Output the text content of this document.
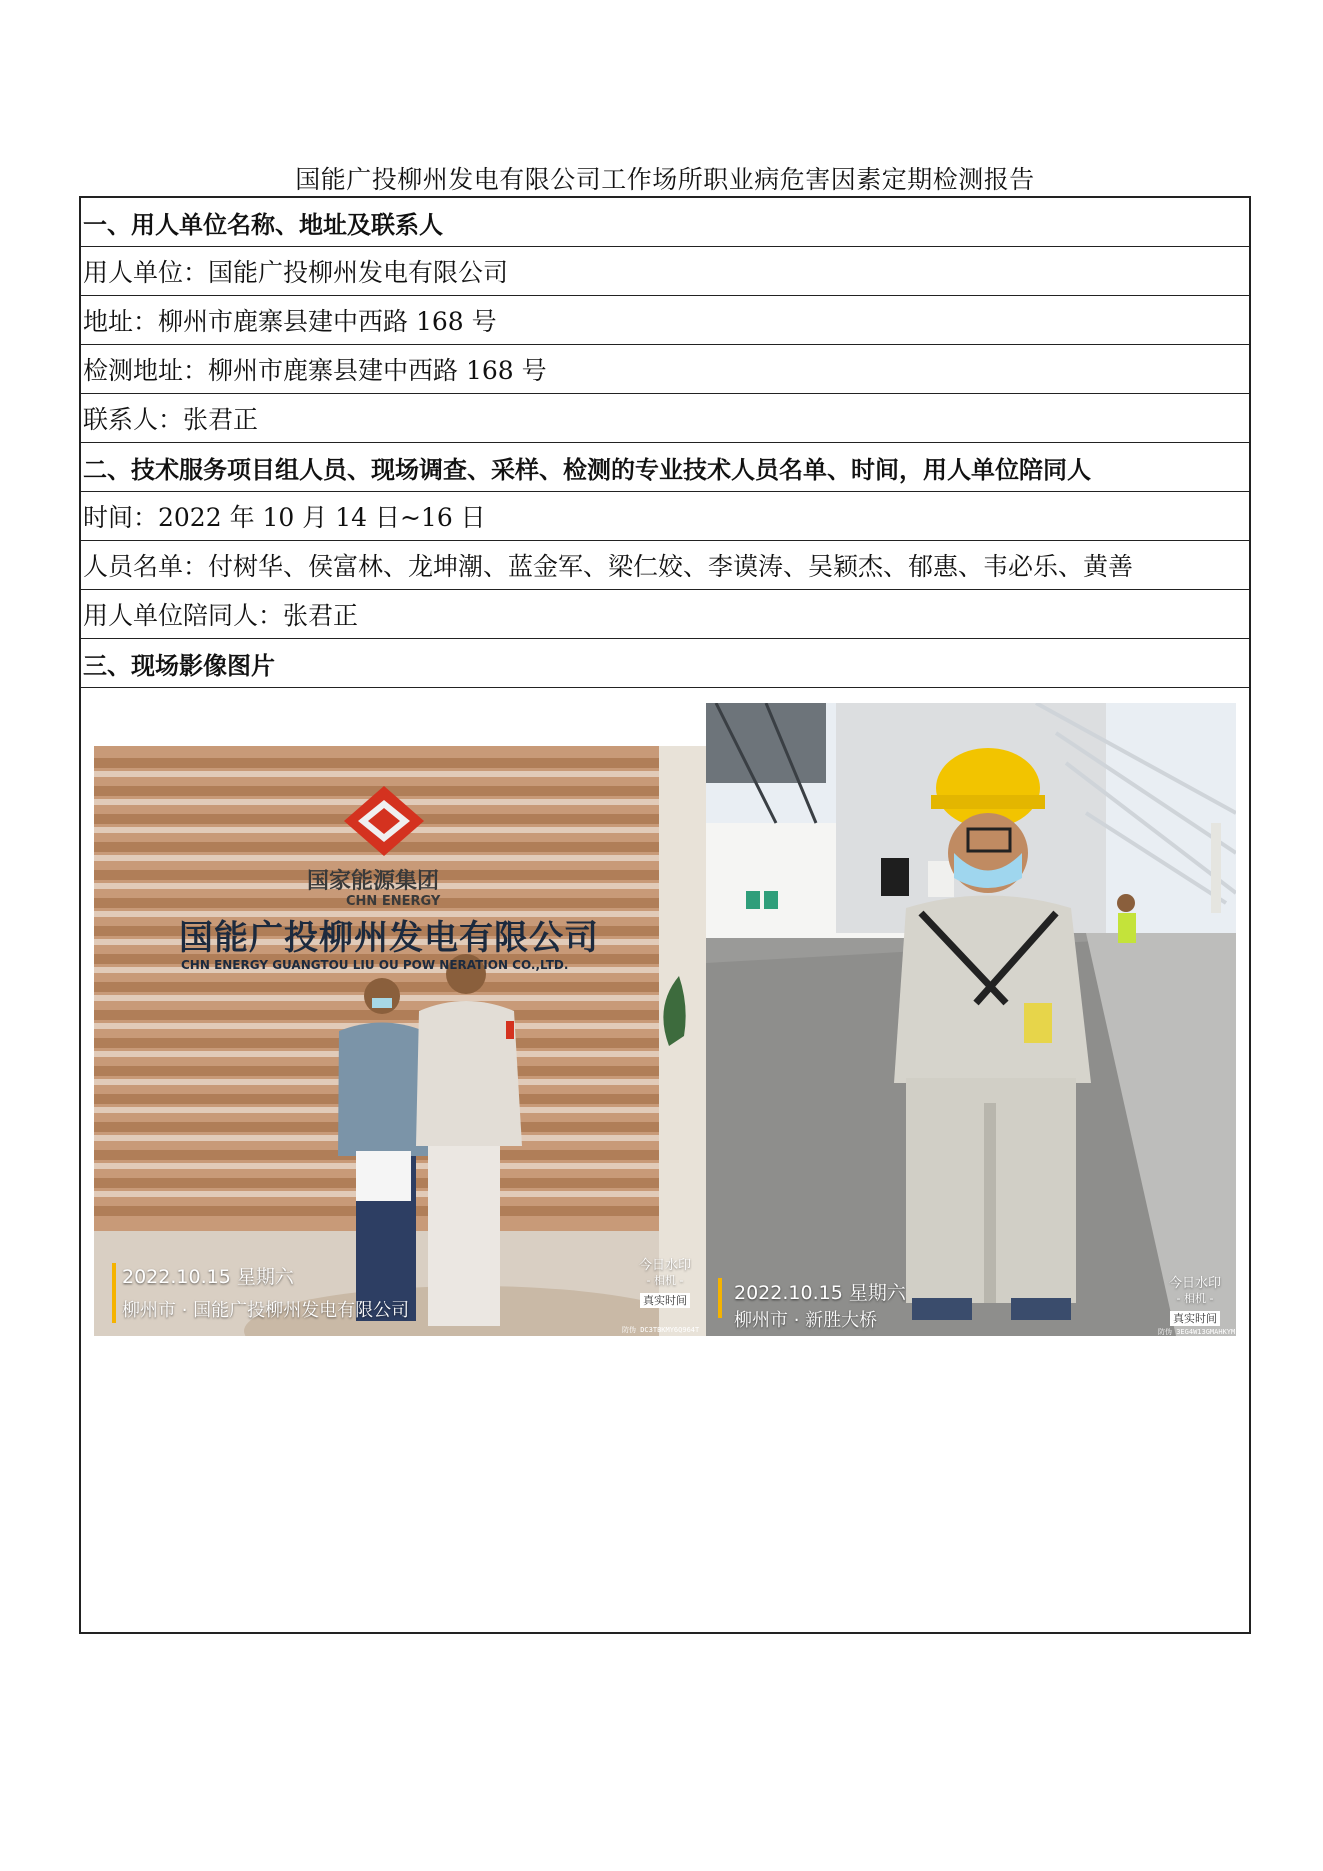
国能广投柳州发电有限公司工作场所职业病危害因素定期检测报告
一、用人单位名称、地址及联系人
用人单位：国能广投柳州发电有限公司
地址：柳州市鹿寨县建中西路 168 号
检测地址：柳州市鹿寨县建中西路 168 号
联系人：张君正
二、技术服务项目组人员、现场调查、采样、检测的专业技术人员名单、时间，用人单位陪同人
时间：2022 年 10 月 14 日~16 日
人员名单：付树华、侯富林、龙坤潮、蓝金军、梁仁姣、李谟涛、吴颖杰、郁惠、韦必乐、黄善
用人单位陪同人：张君正
三、现场影像图片
国家能源集团
CHN ENERGY
国能广投柳州发电有限公司
CHN ENERGY GUANGTOU LIU OU POW NERATION CO.,LTD.
2022.10.15 星期六
柳州市 · 国能广投柳州发电有限公司
今日水印
- 相机 -
真实时间
防伪 DC3TBKMY6Q964T
2022.10.15 星期六
柳州市 · 新胜大桥
今日水印
- 相机 -
真实时间
防伪 3EG4W13GMAHKYM
